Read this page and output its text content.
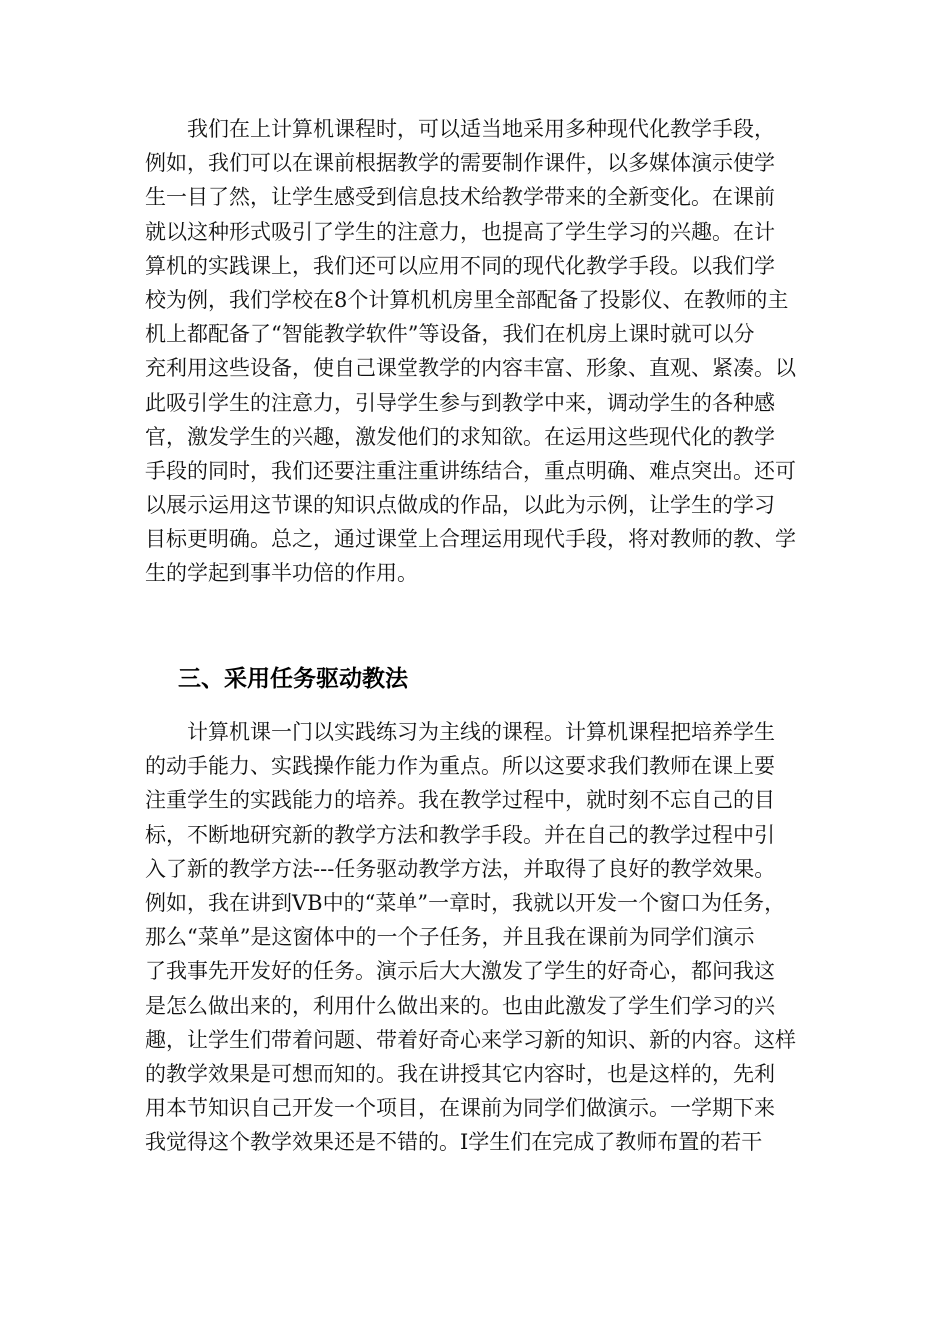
　　我们在上计算机课程时，可以适当地采用多种现代化教学手段，
例如，我们可以在课前根据教学的需要制作课件，以多媒体演示使学
生一目了然，让学生感受到信息技术给教学带来的全新变化。在课前
就以这种形式吸引了学生的注意力，也提高了学生学习的兴趣。在计
算机的实践课上，我们还可以应用不同的现代化教学手段。以我们学
校为例，我们学校在8个计算机机房里全部配备了投影仪、在教师的主
机上都配备了“智能教学软件”等设备，我们在机房上课时就可以分
充利用这些设备，使自己课堂教学的内容丰富、形象、直观、紧凑。以
此吸引学生的注意力，引导学生参与到教学中来，调动学生的各种感
官，激发学生的兴趣，激发他们的求知欲。在运用这些现代化的教学
手段的同时，我们还要注重注重讲练结合，重点明确、难点突出。还可
以展示运用这节课的知识点做成的作品，以此为示例，让学生的学习
目标更明确。总之，通过课堂上合理运用现代手段，将对教师的教、学
生的学起到事半功倍的作用。
三、采用任务驱动教法
　　计算机课一门以实践练习为主线的课程。计算机课程把培养学生
的动手能力、实践操作能力作为重点。所以这要求我们教师在课上要
注重学生的实践能力的培养。我在教学过程中，就时刻不忘自己的目
标，不断地研究新的教学方法和教学手段。并在自己的教学过程中引
入了新的教学方法---任务驱动教学方法，并取得了良好的教学效果。
例如，我在讲到VB中的“菜单”一章时，我就以开发一个窗口为任务，
那么“菜单”是这窗体中的一个子任务，并且我在课前为同学们演示
了我事先开发好的任务。演示后大大激发了学生的好奇心，都问我这
是怎么做出来的，利用什么做出来的。也由此激发了学生们学习的兴
趣，让学生们带着问题、带着好奇心来学习新的知识、新的内容。这样
的教学效果是可想而知的。我在讲授其它内容时，也是这样的，先利
用本节知识自己开发一个项目，在课前为同学们做演示。一学期下来
我觉得这个教学效果还是不错的。I学生们在完成了教师布置的若干
